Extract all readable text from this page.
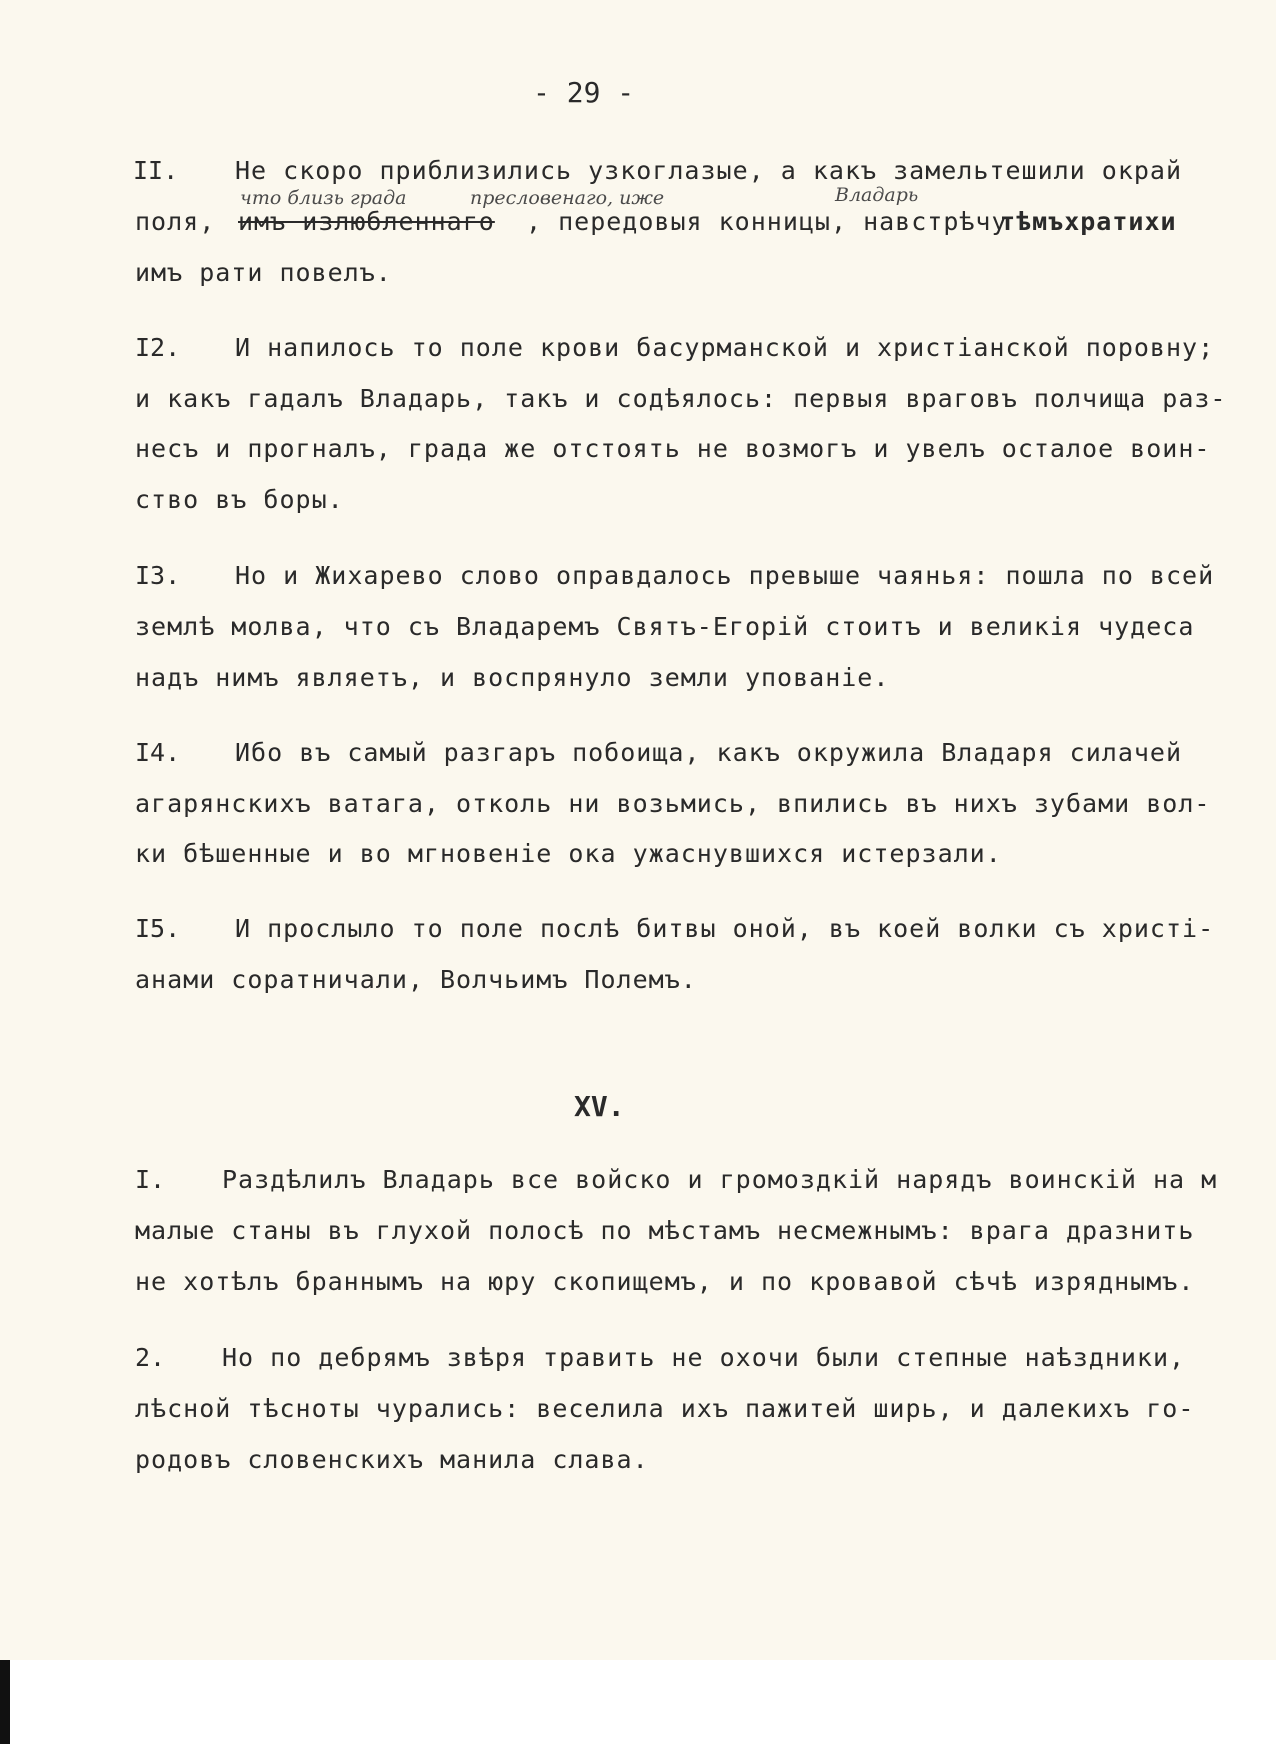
- 29 -
II. Не скоро приблизились узкоглазые, а какъ замельтешили окрай
что близь града	пресловенаго, иже	Владарь
поля, имъ излюбленнаго , передовыя конницы, навстрѣчу
тѣмъхратихи
имъ рати повелъ.
I2. И напилось то поле крови басурманской и христіанской поровну;
и какъ гадалъ Владарь, такъ и содѣялось: первыя враговъ полчища раз-
несъ и прогналъ, града же отстоять не возмогъ и увелъ осталое воин-
ство въ боры.
I3. Но и Жихарево слово оправдалось превыше чаянья: пошла по всей
землѣ молва, что съ Владаремъ Святъ-Егорій стоитъ и великія чудеса
надъ нимъ являетъ, и воспрянуло земли упованіе.
I4. Ибо въ самый разгаръ побоища, какъ окружила Владаря силачей
агарянскихъ ватага, отколь ни возьмись, впились въ нихъ зубами вол-
ки бѣшенные и во мгновеніе ока ужаснувшихся истерзали.
I5. И прослыло то поле послѣ битвы оной, въ коей волки съ христі-
анами соратничали, Волчьимъ Полемъ.
XV.
I. Раздѣлилъ Владарь все войско и громоздкій нарядъ воинскій на м
малые станы въ глухой полосѣ по мѣстамъ несмежнымъ: врага дразнить
не хотѣлъ браннымъ на юру скопищемъ, и по кровавой сѣчѣ изряднымъ.
2. Но по дебрямъ звѣря травить не охочи были степные наѣздники,
лѣсной тѣсноты чурались: веселила ихъ пажитей ширь, и далекихъ го-
родовъ словенскихъ манила слава.
